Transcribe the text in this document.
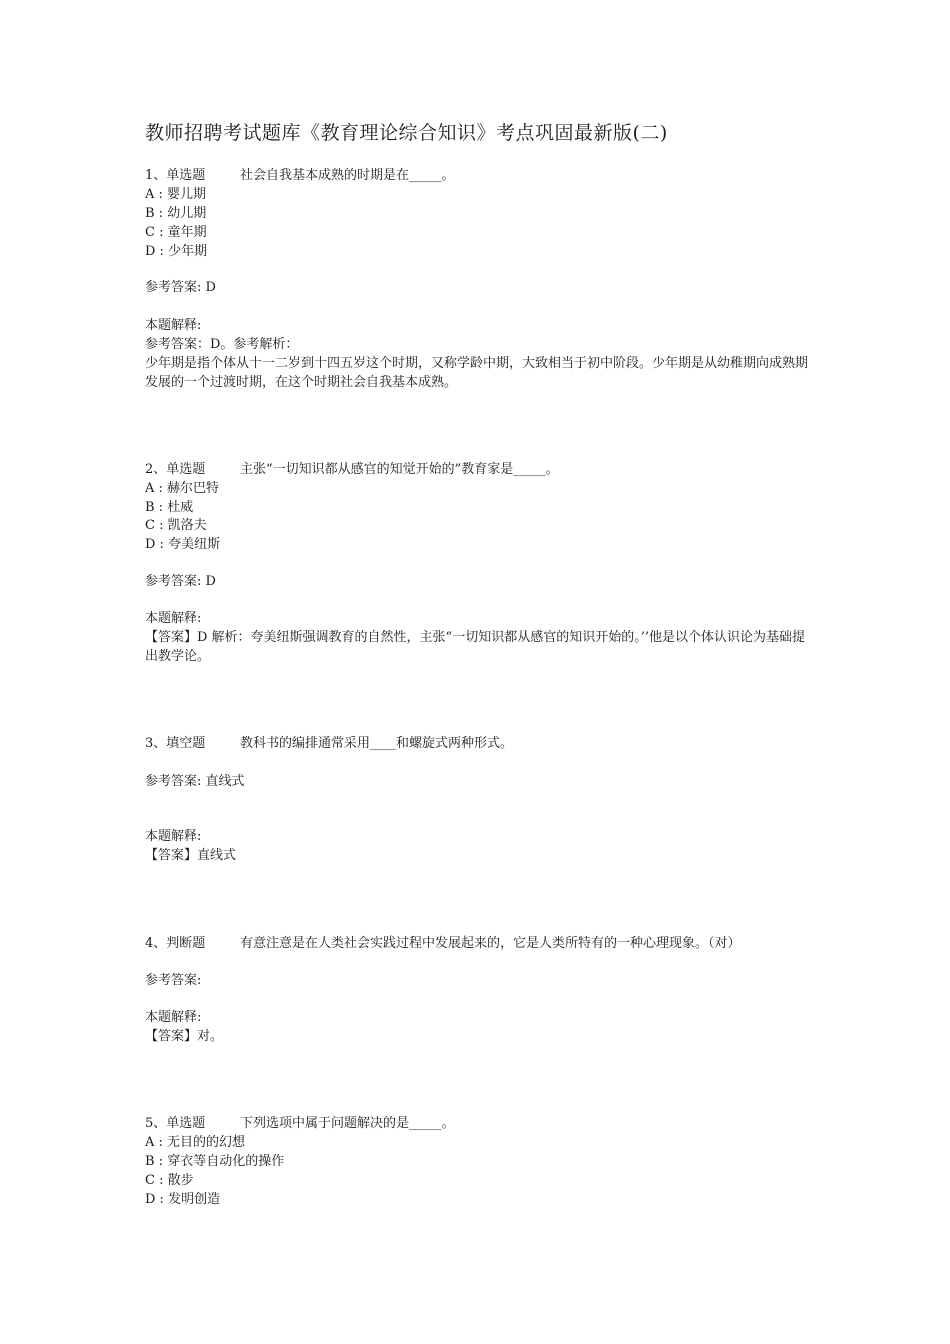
教师招聘考试题库《教育理论综合知识》考点巩固最新版(二)
1、单选题	社会自我基本成熟的时期是在_____。
A : 婴儿期
B : 幼儿期
C : 童年期
D : 少年期
参考答案: D
本题解释:
参考答案：D。参考解析：
少年期是指个体从十一二岁到十四五岁这个时期，又称学龄中期，大致相当于初中阶段。少年期是从幼稚期向成熟期发展的一个过渡时期，在这个时期社会自我基本成熟。
2、单选题	主张“一切知识都从感官的知觉开始的”教育家是_____。
A : 赫尔巴特
B : 杜威
C : 凯洛夫
D : 夸美纽斯
参考答案: D
本题解释:
【答案】D 解析：夸美纽斯强调教育的自然性，主张“一切知识都从感官的知识开始的。’’他是以个体认识论为基础提出教学论。
3、填空题	教科书的编排通常采用____和螺旋式两种形式。
参考答案: 直线式
本题解释:
【答案】直线式
4、判断题	有意注意是在人类社会实践过程中发展起来的，它是人类所特有的一种心理现象。（对）
参考答案:
本题解释:
【答案】对。
5、单选题	下列选项中属于问题解决的是_____。
A : 无目的的幻想
B : 穿衣等自动化的操作
C : 散步
D : 发明创造
